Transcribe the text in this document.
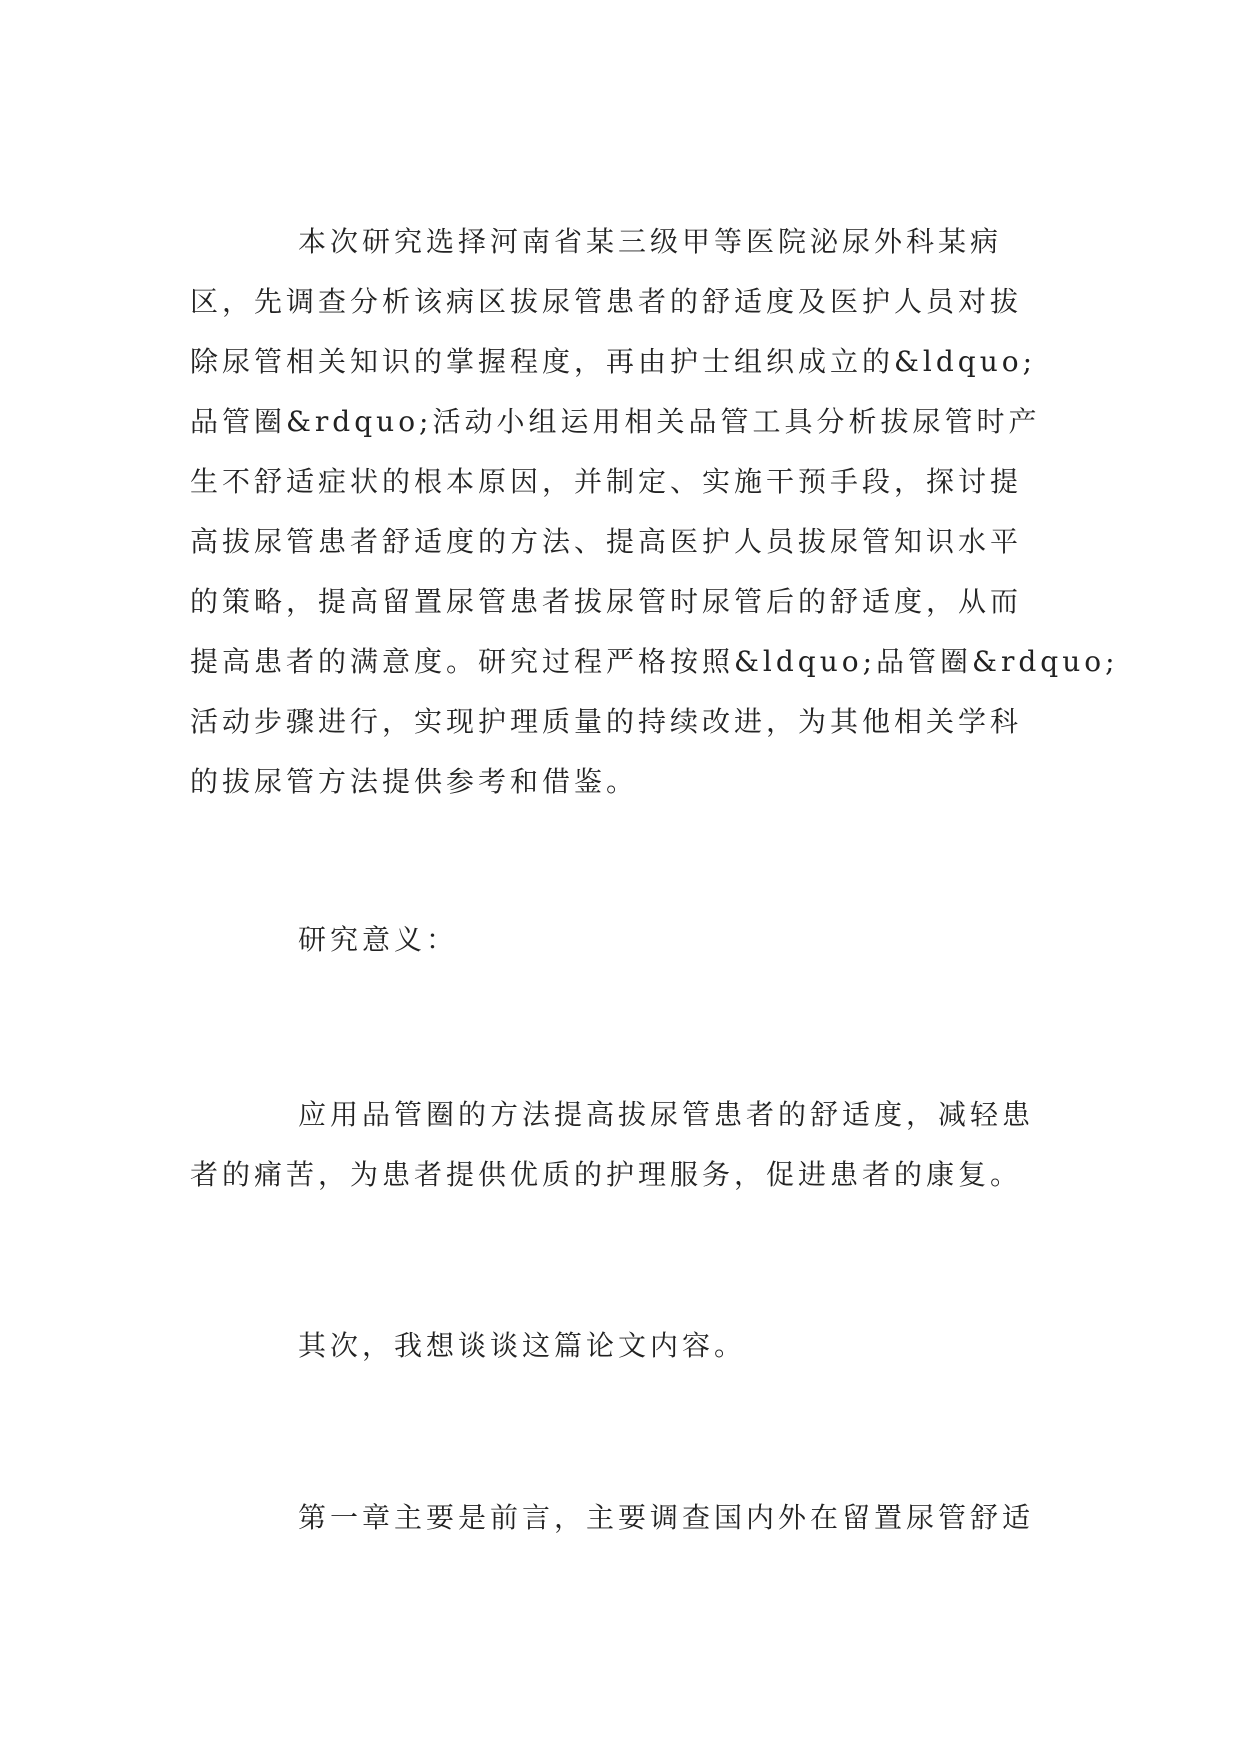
本次研究选择河南省某三级甲等医院泌尿外科某病
区，先调查分析该病区拔尿管患者的舒适度及医护人员对拔
除尿管相关知识的掌握程度，再由护士组织成立的&ldquo;
品管圈&rdquo;活动小组运用相关品管工具分析拔尿管时产
生不舒适症状的根本原因，并制定、实施干预手段，探讨提
高拔尿管患者舒适度的方法、提高医护人员拔尿管知识水平
的策略，提高留置尿管患者拔尿管时尿管后的舒适度，从而
提高患者的满意度。研究过程严格按照&ldquo;品管圈&rdquo;
活动步骤进行，实现护理质量的持续改进，为其他相关学科
的拔尿管方法提供参考和借鉴。
研究意义：
应用品管圈的方法提高拔尿管患者的舒适度，减轻患
者的痛苦，为患者提供优质的护理服务，促进患者的康复。
其次，我想谈谈这篇论文内容。
第一章主要是前言，主要调查国内外在留置尿管舒适
